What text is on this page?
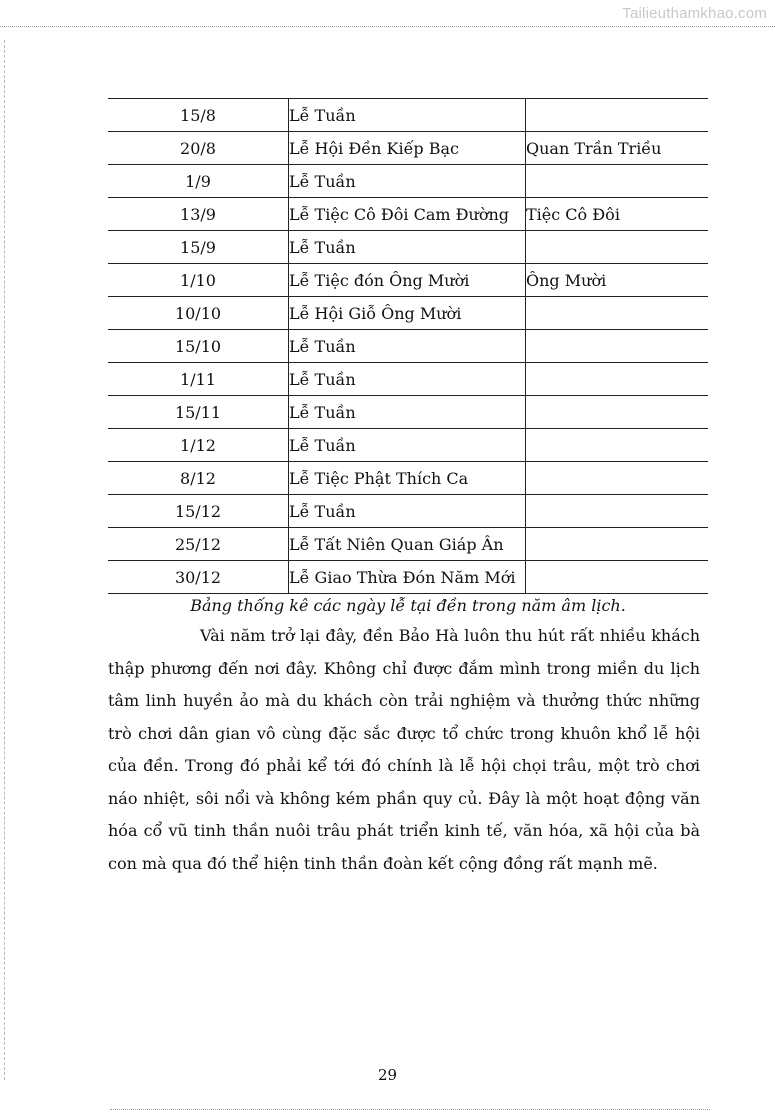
Tailieuthamkhao.com
15/8	Lễ Tuần	
20/8	Lễ Hội Đền Kiếp Bạc	Quan Trần Triều
1/9	Lễ Tuần	
13/9	Lễ Tiệc Cô Đôi Cam Đường	Tiệc Cô Đôi
15/9	Lễ Tuần	
1/10	Lễ Tiệc đón Ông Mười	Ông Mười
10/10	Lễ Hội Giỗ Ông Mười	
15/10	Lễ Tuần	
1/11	Lễ Tuần	
15/11	Lễ Tuần	
1/12	Lễ Tuần	
8/12	Lễ Tiệc Phật Thích Ca	
15/12	Lễ Tuần	
25/12	Lễ Tất Niên Quan Giáp Ân	
30/12	Lễ Giao Thừa Đón Năm Mới	
Bảng thống kê các ngày lễ tại đền trong năm âm lịch.

Vài năm trở lại đây, đền Bảo Hà luôn thu hút rất nhiều khách thập phương đến nơi đây. Không chỉ được đắm mình trong miền du lịch tâm linh huyền ảo mà du khách còn trải nghiệm và thưởng thức những trò chơi dân gian vô cùng đặc sắc được tổ chức trong khuôn khổ lễ hội của đền. Trong đó phải kể tới đó chính là lễ hội chọi trâu, một trò chơi náo nhiệt, sôi nổi và không kém phần quy củ. Đây là một hoạt động văn hóa cổ vũ tinh thần nuôi trâu phát triển kinh tế, văn hóa, xã hội của bà con mà qua đó thể hiện tinh thần đoàn kết cộng đồng rất mạnh mẽ.

29
